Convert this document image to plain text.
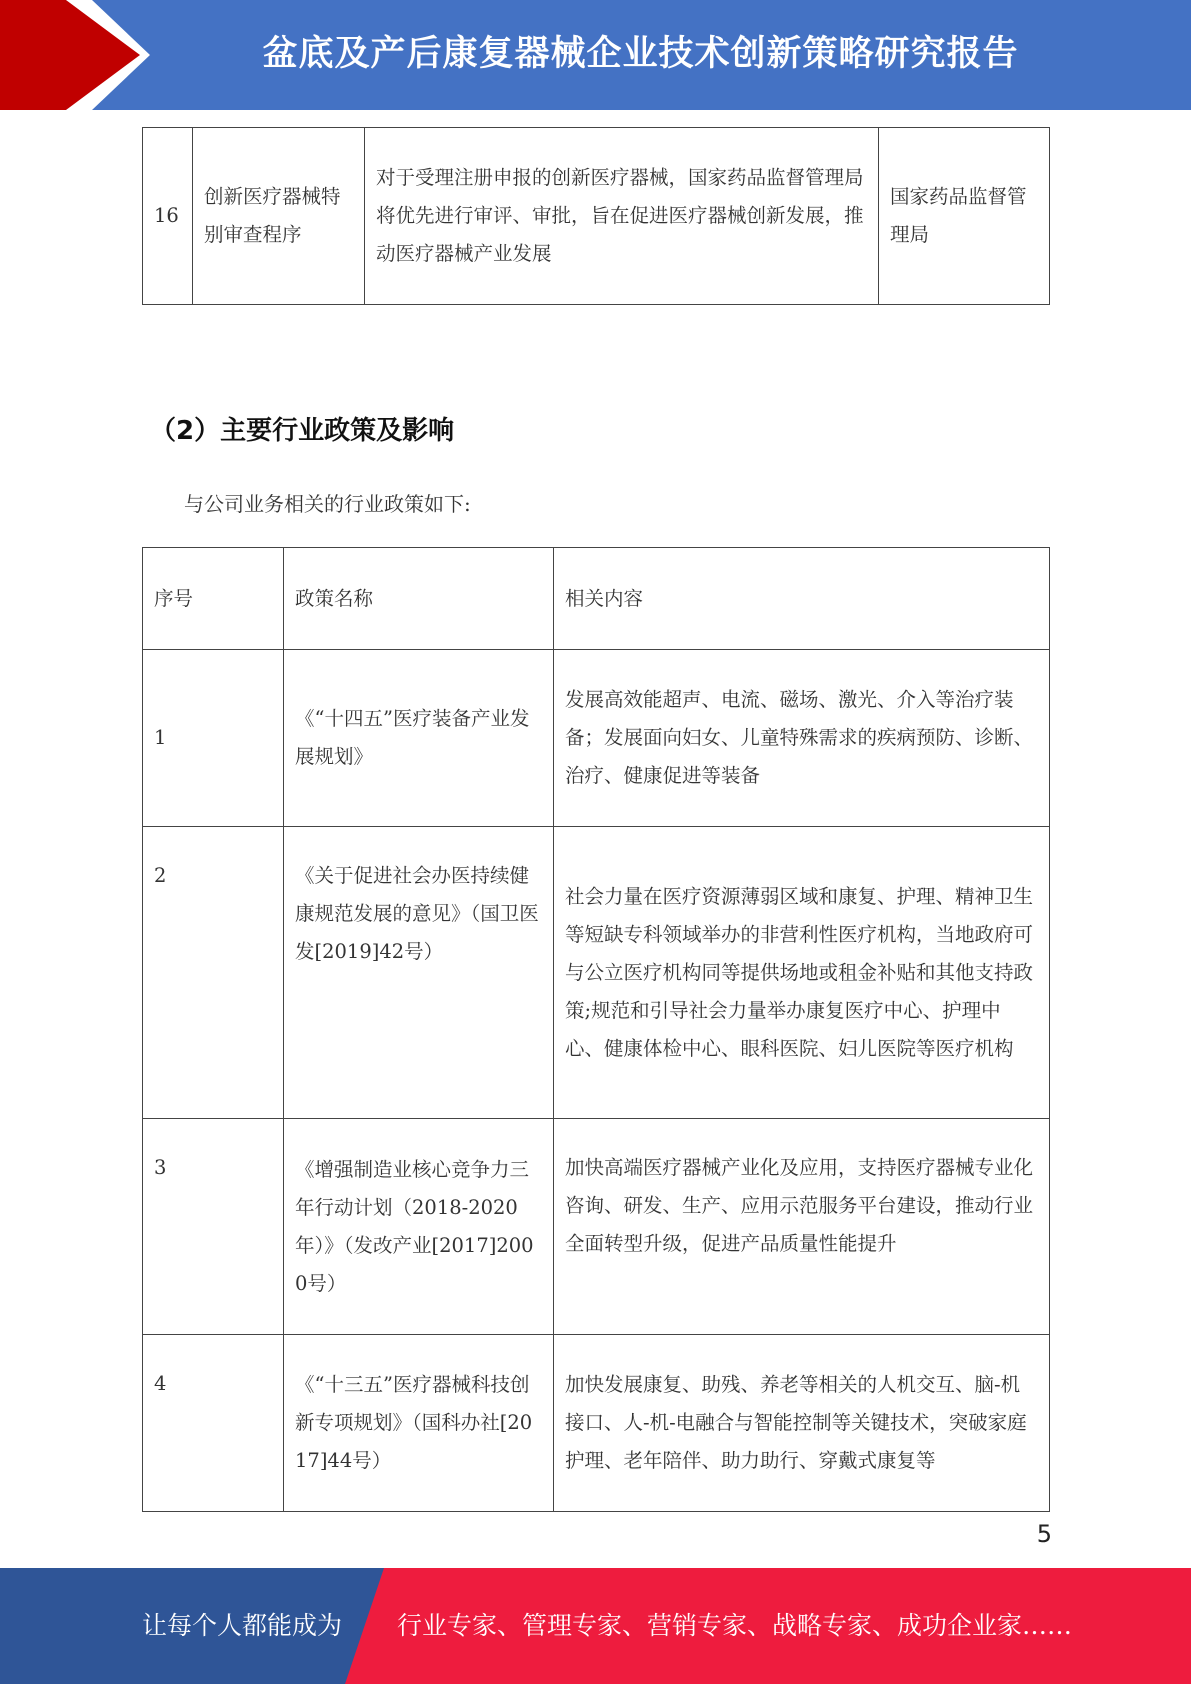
盆底及产后康复器械企业技术创新策略研究报告
16	创新医疗器械特别审查程序	对于受理注册申报的创新医疗器械，国家药品监督管理局将优先进行审评、审批，旨在促进医疗器械创新发展，推动医疗器械产业发展	国家药品监督管理局
（2）主要行业政策及影响
与公司业务相关的行业政策如下:
序号	政策名称	相关内容
1	《“十四五”医疗装备产业发展规划》	发展高效能超声、电流、磁场、激光、介入等治疗装备；发展面向妇女、儿童特殊需求的疾病预防、诊断、治疗、健康促进等装备
2	《关于促进社会办医持续健康规范发展的意见》（国卫医发[2019]42号）	社会力量在医疗资源薄弱区域和康复、护理、精神卫生等短缺专科领域举办的非营利性医疗机构，当地政府可与公立医疗机构同等提供场地或租金补贴和其他支持政策;规范和引导社会力量举办康复医疗中心、护理中心、健康体检中心、眼科医院、妇儿医院等医疗机构
3	《增强制造业核心竞争力三年行动计划（2018-2020年）》（发改产业[2017]2000号）	加快高端医疗器械产业化及应用，支持医疗器械专业化咨询、研发、生产、应用示范服务平台建设，推动行业全面转型升级，促进产品质量性能提升
4	《“十三五”医疗器械科技创新专项规划》（国科办社[2017]44号）	加快发展康复、助残、养老等相关的人机交互、脑-机接口、人-机-电融合与智能控制等关键技术，突破家庭护理、老年陪伴、助力助行、穿戴式康复等
5
让每个人都能成为 行业专家、管理专家、营销专家、战略专家、成功企业家……
